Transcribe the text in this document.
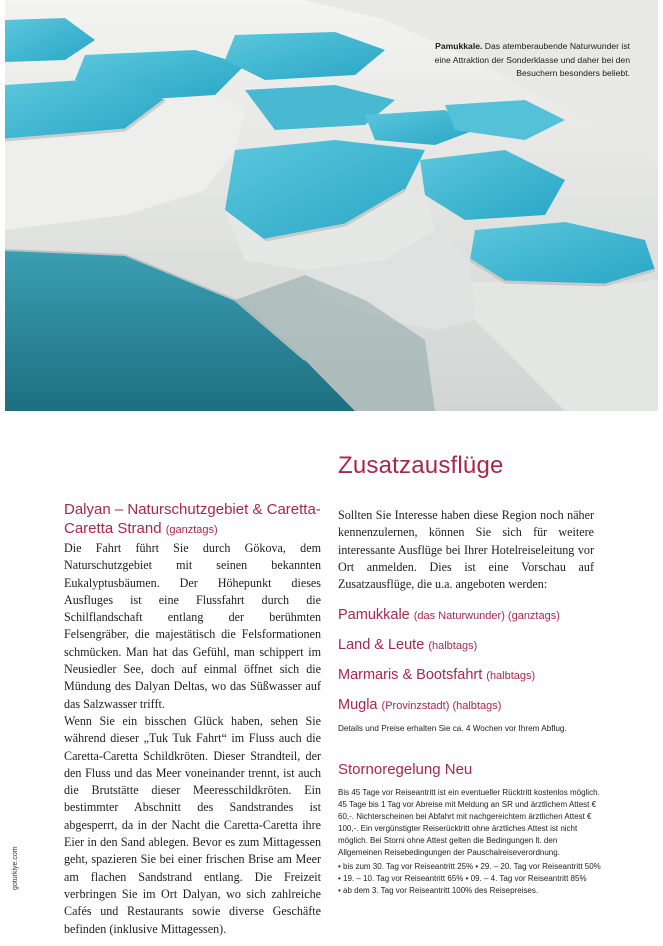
Pamukkale. Das atemberaubende Naturwunder ist eine Attraktion der Sonderklasse und daher bei den Besuchern besonders beliebt.
Zusatzausflüge
Dalyan – Naturschutzgebiet & Caretta-Caretta Strand (ganztags)

Die Fahrt führt Sie durch Gökova, dem Naturschutzgebiet mit seinen bekannten Eukalyptusbäumen. Der Höhepunkt dieses Ausfluges ist eine Flussfahrt durch die Schilflandschaft entlang der berühmten Felsengräber, die majestätisch die Felsformationen schmücken. Man hat das Gefühl, man schippert im Neusiedler See, doch auf einmal öffnet sich die Mündung des Dalyan Deltas, wo das Süßwasser auf das Salzwasser trifft.

Wenn Sie ein bisschen Glück haben, sehen Sie während dieser „Tuk Tuk Fahrt“ im Fluss auch die Caretta-Caretta Schildkröten. Dieser Strandteil, der den Fluss und das Meer voneinander trennt, ist auch die Brutstätte dieser Meeresschildkröten. Ein bestimmter Abschnitt des Sandstrandes ist abgesperrt, da in der Nacht die Caretta-Caretta ihre Eier in den Sand ablegen. Bevor es zum Mittagessen geht, spazieren Sie bei einer frischen Brise am Meer am flachen Sandstrand entlang. Die Freizeit verbringen Sie im Ort Dalyan, wo sich zahlreiche Cafés und Restaurants sowie diverse Geschäfte befinden (inklusive Mittagessen).

Sollten Sie Interesse haben diese Region noch näher kennenzulernen, können Sie sich für weitere interessante Ausflüge bei Ihrer Hotelreiseleitung vor Ort anmelden. Dies ist eine Vorschau auf Zusatzausflüge, die u.a. angeboten werden:

Pamukkale (das Naturwunder) (ganztags)
Land & Leute (halbtags)
Marmaris & Bootsfahrt (halbtags)
Mugla (Provinzstadt) (halbtags)

Details und Preise erhalten Sie ca. 4 Wochen vor Ihrem Abflug.

Stornoregelung Neu

Bis 45 Tage vor Reiseantritt ist ein eventueller Rücktritt kostenlos möglich. 45 Tage bis 1 Tag vor Abreise mit Meldung an SR und ärztlichem Attest € 60,-. Nichterscheinen bei Abfahrt mit nachgereichtem ärztlichen Attest € 100,-. Ein vergünstigter Reiserücktritt ohne ärztliches Attest ist nicht möglich. Bei Storni ohne Attest gelten die Bedingungen lt. den Allgemeinen Reisebedingungen der Pauschalreiseverordnung.

• bis zum 30. Tag vor Reiseantritt 25% • 29. – 20. Tag vor Reiseantritt 50%
• 19. – 10. Tag vor Reiseantritt 65% • 09. – 4. Tag vor Reiseantritt 85%
• ab dem 3. Tag vor Reiseantritt 100% des Reisepreises.
goturkiye.com
